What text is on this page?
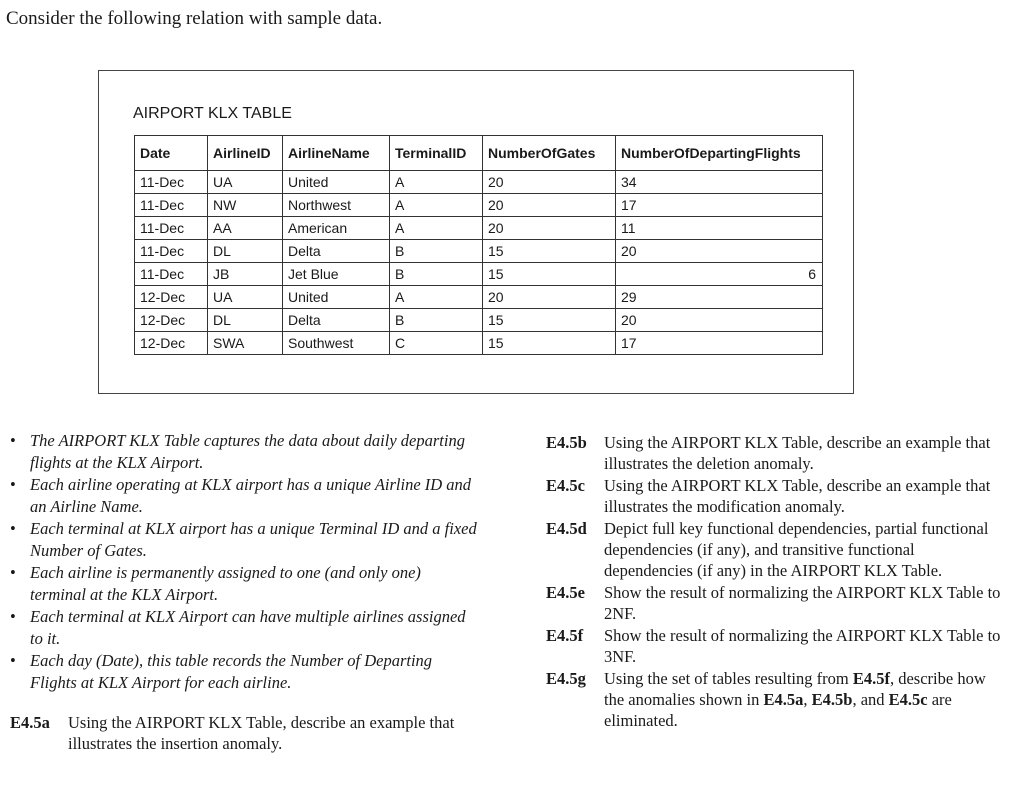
Consider the following relation with sample data.
AIRPORT KLX TABLE
Date	AirlineID	AirlineName	TerminalID	NumberOfGates	NumberOfDepartingFlights
11-Dec	UA	United	A	20	34
11-Dec	NW	Northwest	A	20	17
11-Dec	AA	American	A	20	11
11-Dec	DL	Delta	B	15	20
11-Dec	JB	Jet Blue	B	15	6
12-Dec	UA	United	A	20	29
12-Dec	DL	Delta	B	15	20
12-Dec	SWA	Southwest	C	15	17
• The AIRPORT KLX Table captures the data about daily departing flights at the KLX Airport.
• Each airline operating at KLX airport has a unique Airline ID and an Airline Name.
• Each terminal at KLX airport has a unique Terminal ID and a fixed Number of Gates.
• Each airline is permanently assigned to one (and only one) terminal at the KLX Airport.
• Each terminal at KLX Airport can have multiple airlines assigned to it.
• Each day (Date), this table records the Number of Departing Flights at KLX Airport for each airline.
E4.5a	Using the AIRPORT KLX Table, describe an example that illustrates the insertion anomaly.
E4.5b	Using the AIRPORT KLX Table, describe an example that illustrates the deletion anomaly.
E4.5c	Using the AIRPORT KLX Table, describe an example that illustrates the modification anomaly.
E4.5d	Depict full key functional dependencies, partial functional dependencies (if any), and transitive functional dependencies (if any) in the AIRPORT KLX Table.
E4.5e	Show the result of normalizing the AIRPORT KLX Table to 2NF.
E4.5f	Show the result of normalizing the AIRPORT KLX Table to 3NF.
E4.5g	Using the set of tables resulting from E4.5f, describe how the anomalies shown in E4.5a, E4.5b, and E4.5c are eliminated.
